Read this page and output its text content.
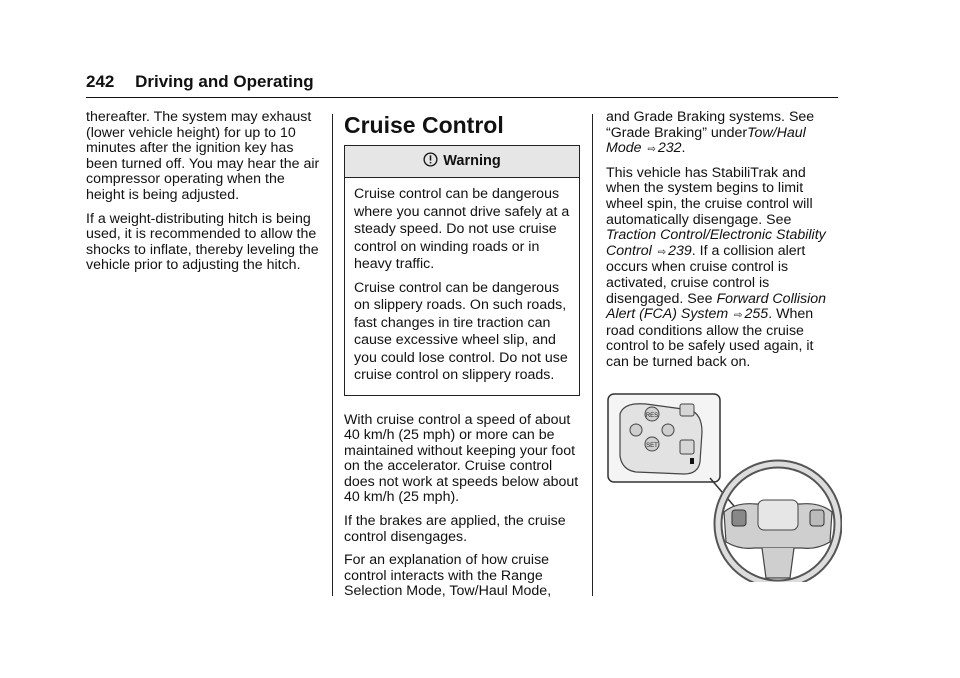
242 Driving and Operating

thereafter. The system may exhaust (lower vehicle height) for up to 10 minutes after the ignition key has been turned off. You may hear the air compressor operating when the height is being adjusted.

If a weight-distributing hitch is being used, it is recommended to allow the shocks to inflate, thereby leveling the vehicle prior to adjusting the hitch.

Cruise Control
Warning

Cruise control can be dangerous where you cannot drive safely at a steady speed. Do not use cruise control on winding roads or in heavy traffic.

Cruise control can be dangerous on slippery roads. On such roads, fast changes in tire traction can cause excessive wheel slip, and you could lose control. Do not use cruise control on slippery roads.

With cruise control a speed of about 40 km/h (25 mph) or more can be maintained without keeping your foot on the accelerator. Cruise control does not work at speeds below about 40 km/h (25 mph).

If the brakes are applied, the cruise control disengages.

For an explanation of how cruise control interacts with the Range Selection Mode, Tow/Haul Mode,

and Grade Braking systems. See “Grade Braking” underTow/Haul Mode ⇨ 232.

This vehicle has StabiliTrak and when the system begins to limit wheel spin, the cruise control will automatically disengage. See Traction Control/Electronic Stability Control ⇨ 239. If a collision alert occurs when cruise control is activated, cruise control is disengaged. See Forward Collision Alert (FCA) System ⇨ 255. When road conditions allow the cruise control to be safely used again, it can be turned back on.

RES
SET
